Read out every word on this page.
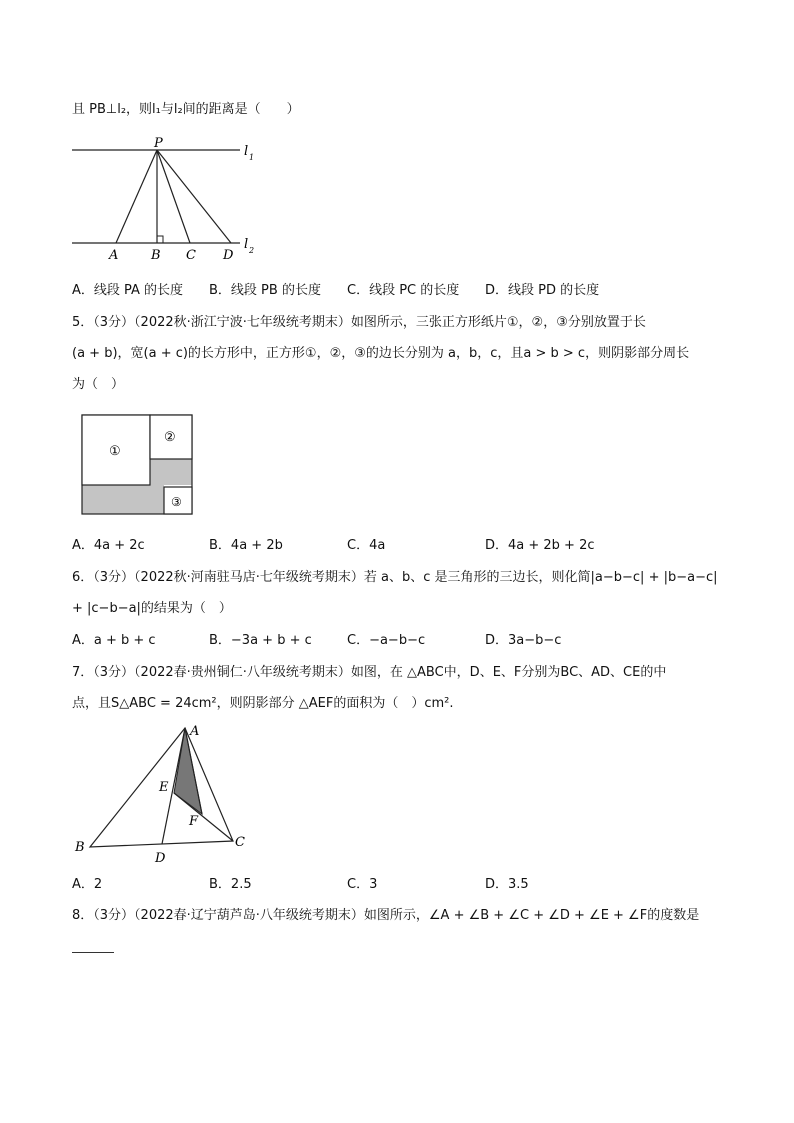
且 PB⊥l₂，则l₁与l₂间的距离是（　　）
P
l 1
l 2
A	B C D
A．线段 PA 的长度 B．线段 PB 的长度 C．线段 PC 的长度 D．线段 PD 的长度
5．（3分）（2022秋·浙江宁波·七年级统考期末）如图所示，三张正方形纸片①，②，③分别放置于长
(a + b)，宽(a + c)的长方形中，正方形①，②，③的边长分别为 a，b，c，且a > b > c，则阴影部分周长
为（　）
①
②
③
A．4a + 2c	B．4a + 2b	C．4a	D．4a + 2b + 2c
6．（3分）（2022秋·河南驻马店·七年级统考期末）若 a、b、c 是三角形的三边长，则化简|a−b−c| + |b−a−c|
+ |c−b−a|的结果为（　）
A．a + b + c	B．−3a + b + c	C．−a−b−c	D．3a−b−c
7．（3分）（2022春·贵州铜仁·八年级统考期末）如图，在 △ABC中，D、E、F分别为BC、AD、CE的中
点，且S△ABC = 24cm²，则阴影部分 △AEF的面积为（　）cm².
A
B	C
D
E
F
A．2	B．2.5	C．3	D．3.5
8．（3分）（2022春·辽宁葫芦岛·八年级统考期末）如图所示，∠A + ∠B + ∠C + ∠D + ∠E + ∠F的度数是
